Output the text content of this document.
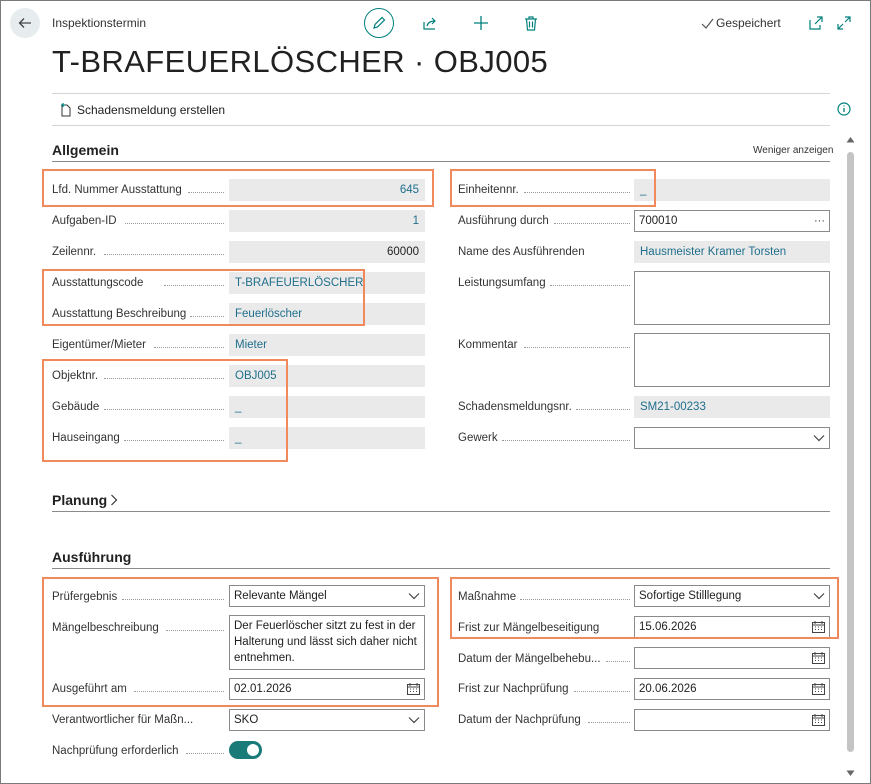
Inspektionstermin	Gespeichert
T-BRAFEUERLÖSCHER · OBJ005
Schadensmeldung erstellen
Allgemein	Weniger anzeigen
Lfd. Nummer Ausstattung	645
Aufgaben-ID	1
Zeilennr.	60000
Ausstattungscode	T-BRAFEUERLÖSCHER
Ausstattung Beschreibung	Feuerlöscher
Eigentümer/Mieter	Mieter
Objektnr.	OBJ005
Gebäude	_
Hauseingang	_
Einheitennr.	_
Ausführung durch	700010	···
Name des Ausführenden	Hausmeister Kramer Torsten
Leistungsumfang
Kommentar
Schadensmeldungsnr.	SM21-00233
Gewerk
Planung
Ausführung
Prüfergebnis	Relevante Mängel
Mängelbeschreibung	Der Feuerlöscher sitzt zu fest in der Halterung und lässt sich daher nicht entnehmen.
Ausgeführt am	02.01.2026
Verantwortlicher für Maßn...	SKO
Nachprüfung erforderlich
Maßnahme	Sofortige Stilllegung
Frist zur Mängelbeseitigung	15.06.2026
Datum der Mängelbehebu...
Frist zur Nachprüfung	20.06.2026
Datum der Nachprüfung
